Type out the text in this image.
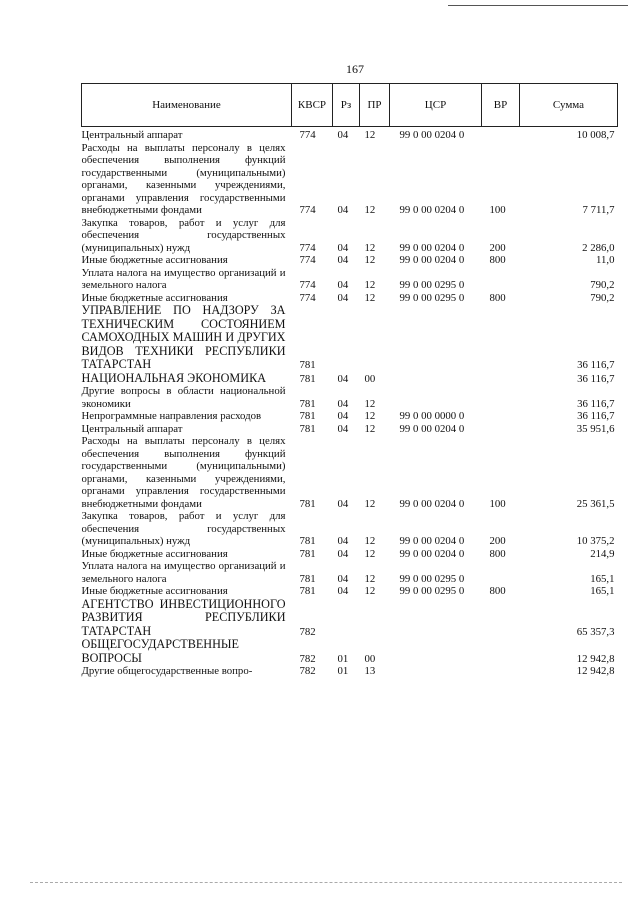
167
Наименование	КВСР	Рз	ПР	ЦСР	ВР	Сумма
Центральный аппарат	774	04	12	99 0 00 0204 0		10 008,7
Расходы на выплаты персоналу в целях обеспечения выполнения функций государственными (муниципальными) органами, казенными учреждениями, органами управления государственными внебюджетными фондами	774	04	12	99 0 00 0204 0	100	7 711,7
Закупка товаров, работ и услуг для обеспечения государственных (муниципальных) нужд	774	04	12	99 0 00 0204 0	200	2 286,0
Иные бюджетные ассигнования	774	04	12	99 0 00 0204 0	800	11,0
Уплата налога на имущество организаций и земельного налога	774	04	12	99 0 00 0295 0		790,2
Иные бюджетные ассигнования	774	04	12	99 0 00 0295 0	800	790,2
УПРАВЛЕНИЕ ПО НАДЗОРУ ЗА ТЕХНИЧЕСКИМ СОСТОЯНИЕМ САМОХОДНЫХ МАШИН И ДРУГИХ ВИДОВ ТЕХНИКИ РЕСПУБЛИКИ ТАТАРСТАН	781					36 116,7
НАЦИОНАЛЬНАЯ ЭКОНОМИКА	781	04	00			36 116,7
Другие вопросы в области национальной экономики	781	04	12			36 116,7
Непрограммные направления расходов	781	04	12	99 0 00 0000 0		36 116,7
Центральный аппарат	781	04	12	99 0 00 0204 0		35 951,6
Расходы на выплаты персоналу в целях обеспечения выполнения функций государственными (муниципальными) органами, казенными учреждениями, органами управления государственными внебюджетными фондами	781	04	12	99 0 00 0204 0	100	25 361,5
Закупка товаров, работ и услуг для обеспечения государственных (муниципальных) нужд	781	04	12	99 0 00 0204 0	200	10 375,2
Иные бюджетные ассигнования	781	04	12	99 0 00 0204 0	800	214,9
Уплата налога на имущество организаций и земельного налога	781	04	12	99 0 00 0295 0		165,1
Иные бюджетные ассигнования	781	04	12	99 0 00 0295 0	800	165,1
АГЕНТСТВО ИНВЕСТИЦИОННОГО РАЗВИТИЯ РЕСПУБЛИКИ ТАТАРСТАН	782					65 357,3
ОБЩЕГОСУДАРСТВЕННЫЕ ВОПРОСЫ	782	01	00			12 942,8
Другие общегосударственные вопро-	782	01	13			12 942,8
